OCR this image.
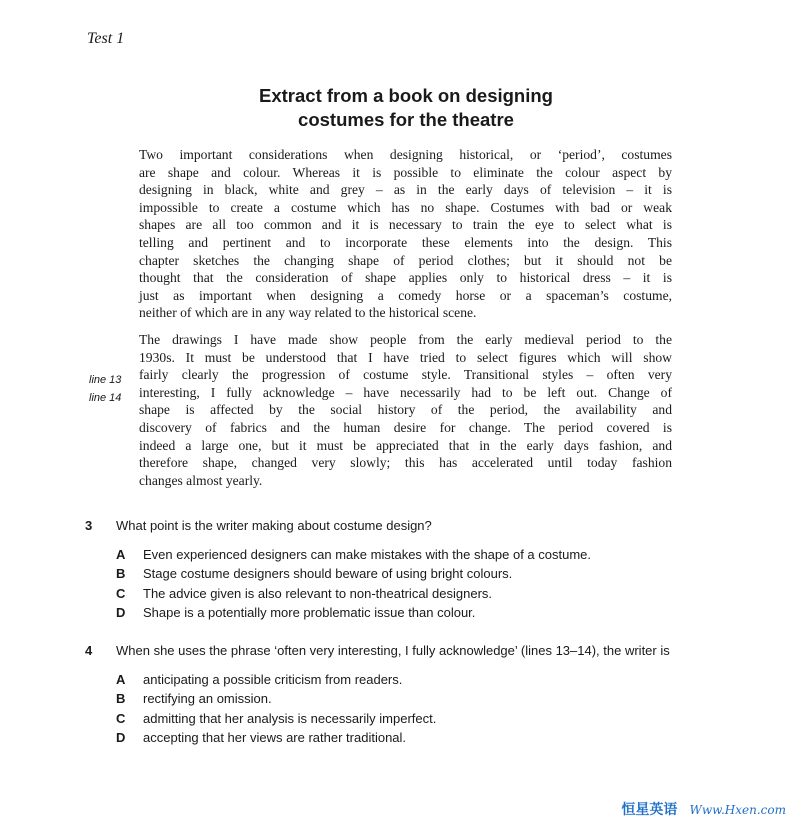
Test 1
Extract from a book on designing
costumes for the theatre
Two important considerations when designing historical, or ‘period’, costumes
are shape and colour. Whereas it is possible to eliminate the colour aspect by
designing in black, white and grey – as in the early days of television – it is
impossible to create a costume which has no shape. Costumes with bad or weak
shapes are all too common and it is necessary to train the eye to select what is
telling and pertinent and to incorporate these elements into the design. This
chapter sketches the changing shape of period clothes; but it should not be
thought that the consideration of shape applies only to historical dress – it is
just as important when designing a comedy horse or a spaceman’s costume,
neither of which are in any way related to the historical scene.
The drawings I have made show people from the early medieval period to the
1930s. It must be understood that I have tried to select figures which will show
fairly clearly the progression of costume style. Transitional styles – often very
interesting, I fully acknowledge – have necessarily had to be left out. Change of
shape is affected by the social history of the period, the availability and
discovery of fabrics and the human desire for change. The period covered is
indeed a large one, but it must be appreciated that in the early days fashion, and
therefore shape, changed very slowly; this has accelerated until today fashion
changes almost yearly.
line 13
line 14
3 What point is the writer making about costume design?
A Even experienced designers can make mistakes with the shape of a costume.
B Stage costume designers should beware of using bright colours.
C The advice given is also relevant to non-theatrical designers.
D Shape is a potentially more problematic issue than colour.
4 When she uses the phrase ‘often very interesting, I fully acknowledge’ (lines 13–14), the writer is
A anticipating a possible criticism from readers.
B rectifying an omission.
C admitting that her analysis is necessarily imperfect.
D accepting that her views are rather traditional.
恒星英语 Www.Hxen.com
